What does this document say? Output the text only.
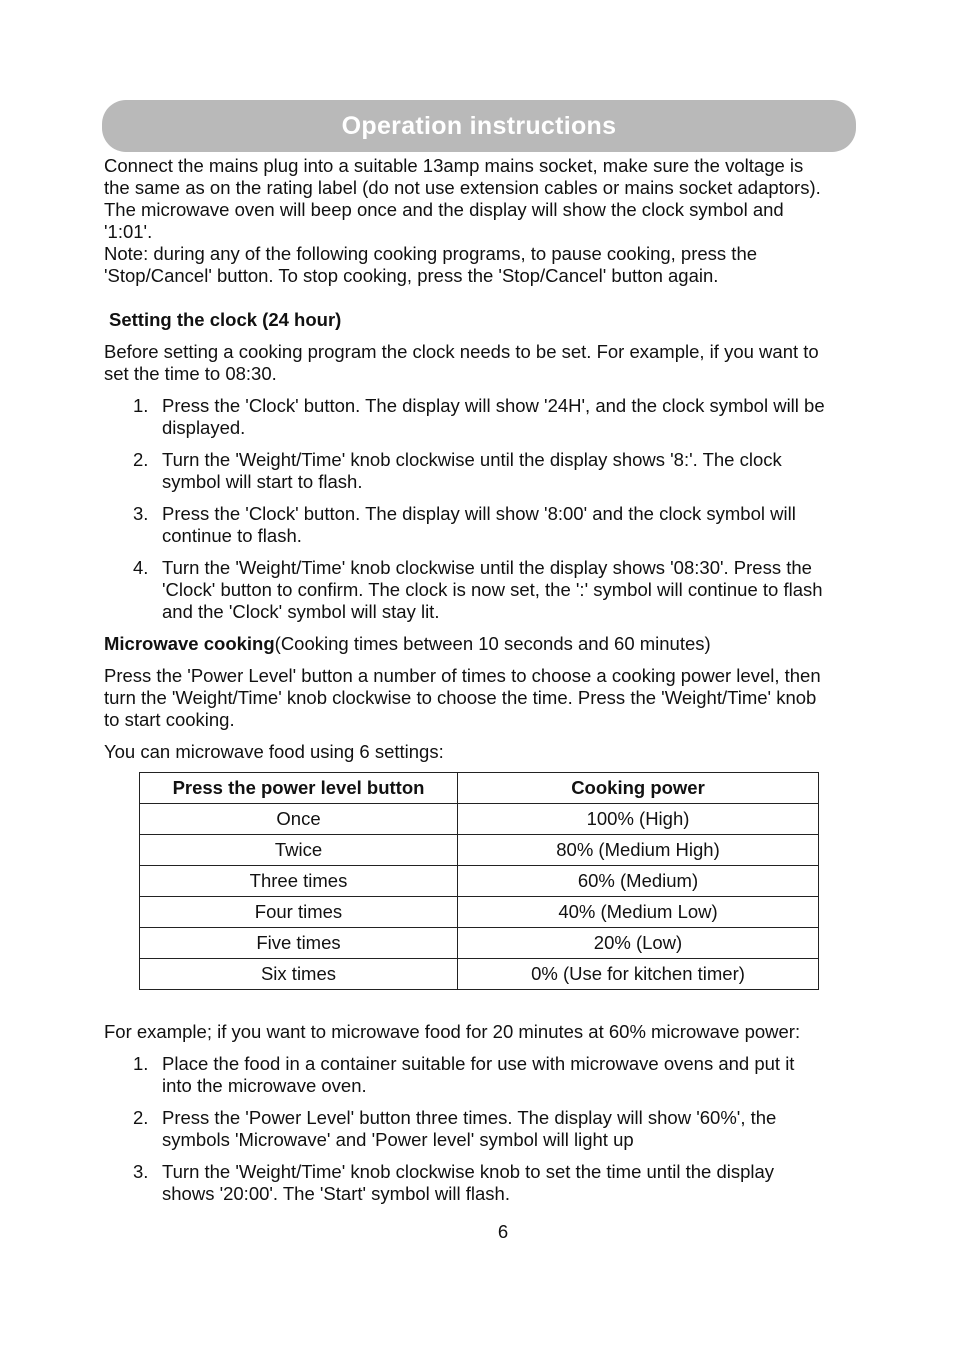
Operation instructions

Connect the mains plug into a suitable 13amp mains socket, make sure the voltage is

the same as on the rating label (do not use extension cables or mains socket adaptors).

The microwave oven will beep once and the display will show the clock symbol and

'1:01'.

Note: during any of the following cooking programs, to pause cooking, press the

'Stop/Cancel' button. To stop cooking, press the 'Stop/Cancel' button again.

Setting the clock (24 hour)

Before setting a cooking program the clock needs to be set. For example, if you want to

set the time to 08:30.

1. Press the 'Clock' button. The display will show '24H', and the clock symbol will be
displayed.
2. Turn the 'Weight/Time' knob clockwise until the display shows '8:'. The clock
symbol will start to flash.
3. Press the 'Clock' button. The display will show '8:00' and the clock symbol will
continue to flash.
4. Turn the 'Weight/Time' knob clockwise until the display shows '08:30'. Press the
'Clock' button to confirm. The clock is now set, the ':' symbol will continue to flash
and the 'Clock' symbol will stay lit.

Microwave cooking(Cooking times between 10 seconds and 60 minutes)

Press the 'Power Level' button a number of times to choose a cooking power level, then

turn the 'Weight/Time' knob clockwise to choose the time. Press the 'Weight/Time' knob

to start cooking.

You can microwave food using 6 settings:

Press the power level button	Cooking power
Once	100% (High)
Twice	80% (Medium High)
Three times	60% (Medium)
Four times	40% (Medium Low)
Five times	20% (Low)
Six times	0% (Use for kitchen timer)

For example; if you want to microwave food for 20 minutes at 60% microwave power:

1. Place the food in a container suitable for use with microwave ovens and put it
into the microwave oven.
2. Press the 'Power Level' button three times. The display will show '60%', the
symbols 'Microwave' and 'Power level' symbol will light up
3. Turn the 'Weight/Time' knob clockwise knob to set the time until the display
shows '20:00'. The 'Start' symbol will flash.
6
